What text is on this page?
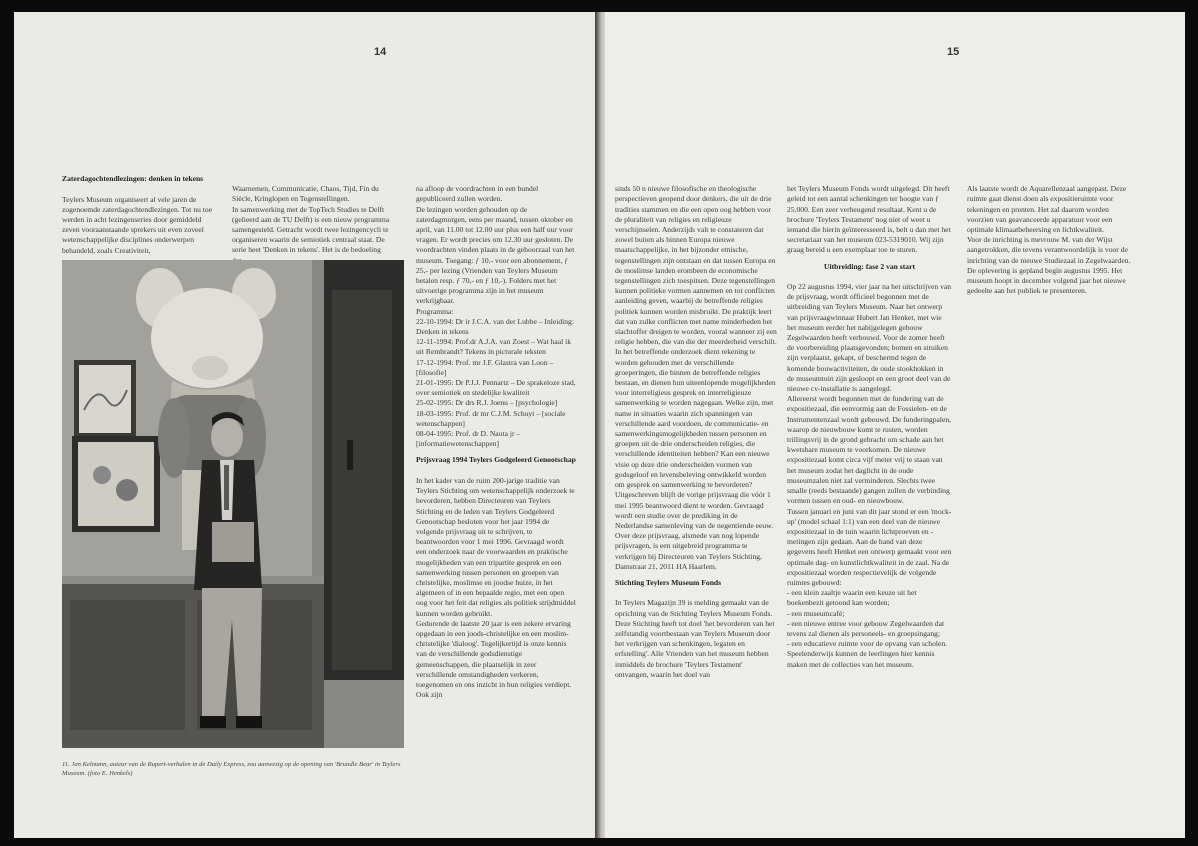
14

Zaterdagochtendlezingen: denken in tekens

Teylers Museum organiseert al vele jaren de zogenoemde zaterdagochtendlezingen. Tot nu toe werden in acht lezingenseries door gemiddeld zeven vooraanstaande sprekers uit even zoveel wetenschappelijke disciplines onderwerpen behandeld, zoals Creativiteit,

Waarnemen, Communicatie, Chaos, Tijd, Fin du Siècle, Kringlopen en Tegenstellingen.
In samenwerking met de TopTech Studies te Delft (gelieerd aan de TU Delft) is een nieuw programma samengesteld. Getracht wordt twee lezingencycli te organiseren waarin de semiotiek centraal staat. De serie heet 'Denken in tekens'. Het is de bedoeling

na afloop de voordrachten in een bundel gepubliceerd zullen worden.
De lezingen worden gehouden op de zaterdagmorgen, eens per maand, tussen oktober en april, van 11.00 tot 12.00 uur plus een half uur voor vragen. Er wordt precies om 12.30 uur gesloten. De voordrachten vinden plaats in de gehoorzaal van het museum. Toegang: ƒ 10,- voor een abonnement, ƒ 25,- per lezing (Vrienden van Teylers Museum betalen resp. ƒ 70,- en ƒ 10,-). Folders met het uitvoerige programma zijn in het museum verkrijgbaar.
Programma:
22-10-1994: Dr ir J.C.A. van der Lubbe – Inleiding: Denken in tekens
12-11-1994: Prof.dr A.J.A. van Zoest – Wat haal ik uit Rembrandt? Tekens in picturale teksten
17-12-1994: Prof. mr J.F. Glastra van Loon – [filosofie]
21-01-1995: Dr P.J.J. Pennartz – De sprakeloze stad, over semiotiek en stedelijke kwaliteit
25-02-1995: Dr drs R.J. Joenu – [psychologie]
18-03-1995: Prof. dr mr C.J.M. Schuyt – [sociale wetenschappen]
08-04-1995: Prof. dr D. Nauta jr – [informatiewetenschappen]

Prijsvraag 1994 Teylers Godgeleerd Genootschap

In het kader van de ruim 200-jarige traditie van Teylers Stichting om wetenschappelijk onderzoek te bevorderen, hebben Directeuren van Teylers Stichting en de leden van Teylers Godgeleerd Genootschap besloten voor het jaar 1994 de volgende prijsvraag uit te schrijven, te beantwoorden voor 1 mei 1996. Gevraagd wordt een onderzoek naar de voorwaarden en praktische mogelijkheden van een tripartite gesprek en een samenwerking tussen personen en groepen van christelijke, moslimse en joodse huize, in het algemeen of in een bepaalde regio, met een open oog voor het feit dat religies als politiek strijdmiddel kunnen worden gebruikt.
Gedurende de laatste 20 jaar is een zekere ervaring opgedaan in een joods-christelijke en een moslim-christelijke 'dialoog'. Tegelijkertijd is onze kennis van de verschillende godsdienstige gemeenschappen, die plaatselijk in zeer verschillende omstandigheden verkeren, toegenomen en ons inzicht in hun religies verdiept. Ook zijn

11. Jan Kelmann, auteur van de Rupert-verhalen in de Daily Express, zou aanwezig op de opening van 'Brundle Bear' in Teylers Museum. (foto E. Henkels)
15

sinds 50 n nieuwe filosofische en theologische perspectieven geopend door denkers, die uit de drie tradities stammen en die een open oog hebben voor de pluraliteit van religies en religieuze verschijnselen. Anderzijds valt te constateren dat zowel buiten als binnen Europa nieuwe maatschappelijke, in het bijzonder etnische, tegenstellingen zijn ontstaan en dat tussen Europa en de moslimse landen erombeen de economische tegenstellingen zich toespitsen. Deze tegenstellingen kunnen politieke vormen aannemen en tot conflicten aanleiding geven, waarbij de betreffende religies politiek kunnen worden misbruikt. De praktijk leert dat van zulke conflicten met name minderheden het slachtoffer dreigen te worden, vooral wanneer zij een religie hebben, die van die der meerderheid verschilt.
In het betreffende onderzoek dient rekening te worden gehouden met de verschillende groeperingen, die binnen de betreffende religies bestaan, en dienen hun uiteenlopende mogelijkheden voor interreligieus gesprek en interreligieuze samenwerking te worden nagegaan. Welke zijn, met name in situaties waarin zich spanningen van verschillende aard voordoen, de communicatie- en samenwerkingsmogelijkheden tussen personen en groepen uit de drie onderscheiden religies, die verschillende identiteiten hebben? Kan een nieuwe visie op deze drie onderscheiden vormen van godsgeloof en levensbeleving ontwikkeld worden om gesprek en samenwerking te bevorderen?
Uitgeschreven blijft de vorige prijsvraag die vóór 1 mei 1995 beantwoord dient te worden. Gevraagd wordt een studie over de prediking in de Nederlandse samenleving van de negentiende eeuw. Over deze prijsvraag, alsmede van nog lopende prijsvragen, is een uitgebreid programma te verkrijgen bij Directeuren van Teylers Stichting, Damstraat 21, 2011 HA Haarlem.

Stichting Teylers Museum Fonds

In Teylers Magazijn 39 is melding gemaakt van de oprichting van de Stichting Teylers Museum Fonds. Deze Stichting heeft tot doel 'het bevorderen van het zelfstandig voortbestaan van Teylers Museum door het verkrijgen van schenkingen, legaten en erfstelling'. Alle Vrienden van het museum hebben inmiddels de brochure 'Teylers Testament' ontvangen, waarin het doel van

het Teylers Museum Fonds wordt uitgelegd. Dit heeft geleid tot een aantal schenkingen ter hoogte van ƒ 25.000. Een zeer verheugend resultaat. Kent u de brochure 'Teylers Testament' nog niet of weet u iemand die hierin geïnteresseerd is, belt u dan met het secretariaat van het museum 023-5319010. Wij zijn graag bereid u een exemplaar toe te sturen.

Uitbreiding: fase 2 van start

Op 22 augustus 1994, vier jaar na het uitschrijven van de prijsvraag, wordt officieel begonnen met de uitbreiding van Teylers Museum. Naar het ontwerp van prijsvraagwinnaar Hubert Jan Henket, met wie het museum eerder het nabijgelegen gebouw Zegelwaarden heeft verbouwd. Voor de zomer heeft de voorbereiding plaatsgevonden; bomen en struiken zijn verplaatst, gekapt, of beschermd tegen de komende bouwactiviteiten, de oude stookhokken in de museumtuin zijn gesloopt en een groot deel van de nieuwe cv-installatie is aangelegd.
Allereerst wordt begonnen met de fundering van de expositiezaal, die eenvormig aan de Fossielen- en de Instrumentenzaal wordt gebouwd. De funderingpalen, waarop de nieuwbouw komt te rusten, worden trillingsvrij in de grond gebracht om schade aan het kwetsbare museum te voorkomen. De nieuwe expositiezaal komt circa vijf meter vrij te staan van het museum zodat het daglicht in de oude museumzalen niet zal verminderen. Slechts twee smalle (reeds bestaande) gangen zullen de verbinding vormen tussen en oud- en nieuwbouw.
Tussen januari en juni van dit jaar stond er een 'mock-up' (model schaal 1:1) van een deel van de nieuwe expositiezaal in de tuin waarin lichtproeven en -metingen zijn gedaan. Aan de hand van deze gegevens heeft Henket een ontwerp gemaakt voor een optimale dag- en kunstlichtkwaliteit in de zaal. Na de expositiezaal worden respectievelijk de volgende ruimtes gebouwd:
- een klein zaaltje waarin een keuze uit het boekenbezit getoond kan worden;
- een museumcafé;
- een nieuwe entree voor gebouw Zegelwaarden dat tevens zal dienen als personeels- en groepsingang;
- een educatieve ruimte voor de opvang van scholen. Speelenderwijs kunnen de leerlingen hier kennis maken met de collecties van het museum.

Als laatste wordt de Aquarellenzaal aangepast. Deze ruimte gaat dienst doen als expositieruimte voor tekeningen en prenten. Het zal daarom worden voorzien van geavanceerde apparatuur voor een optimale klimaatbeheersing en lichtkwaliteit.
Voor de inrichting is mevrouw M. van der Wijst aangetrokken, die tevens verantwoordelijk is voor de inrichting van de nieuwe Studiezaal in Zegelwaarden.
De oplevering is gepland begin augustus 1995. Het museum hoopt in december volgend jaar het nieuwe gedeelte aan het publiek te presenteren.
